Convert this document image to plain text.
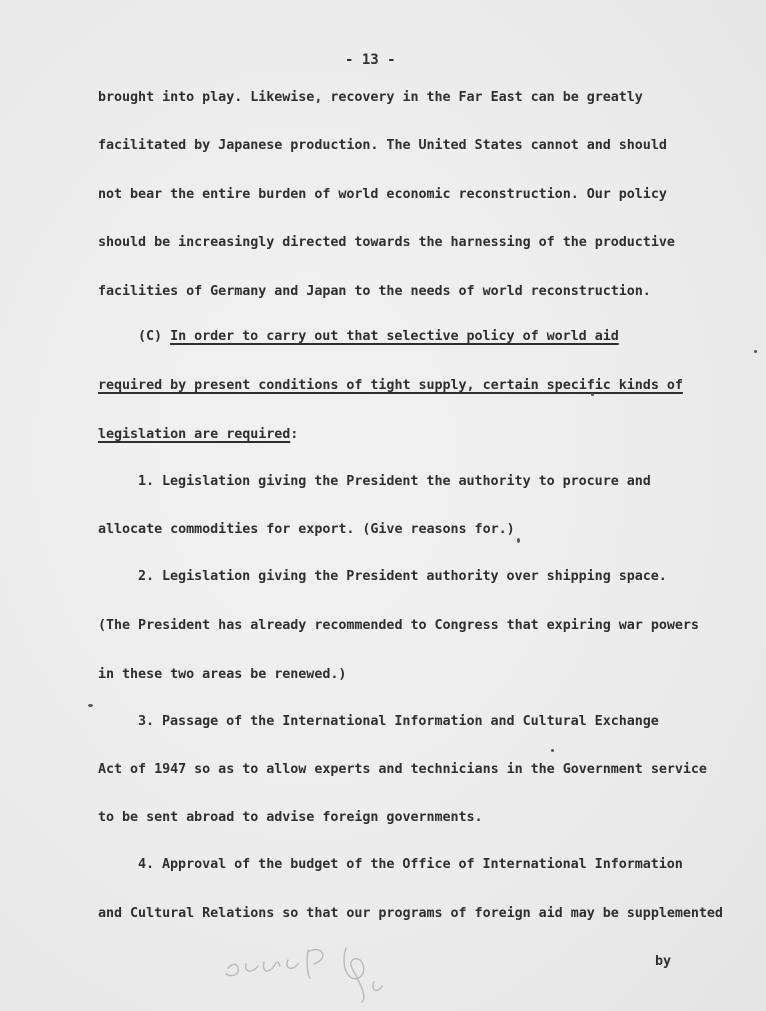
- 13 -
brought into play. Likewise, recovery in the Far East can be greatly
facilitated by Japanese production. The United States cannot and should
not bear the entire burden of world economic reconstruction. Our policy
should be increasingly directed towards the harnessing of the productive
facilities of Germany and Japan to the needs of world reconstruction.
(C) In order to carry out that selective policy of world aid
required by present conditions of tight supply, certain specific kinds of
legislation are required:
1. Legislation giving the President the authority to procure and
allocate commodities for export. (Give reasons for.)
2. Legislation giving the President authority over shipping space.
(The President has already recommended to Congress that expiring war powers
in these two areas be renewed.)
3. Passage of the International Information and Cultural Exchange
Act of 1947 so as to allow experts and technicians in the Government service
to be sent abroad to advise foreign governments.
4. Approval of the budget of the Office of International Information
and Cultural Relations so that our programs of foreign aid may be supplemented
by
